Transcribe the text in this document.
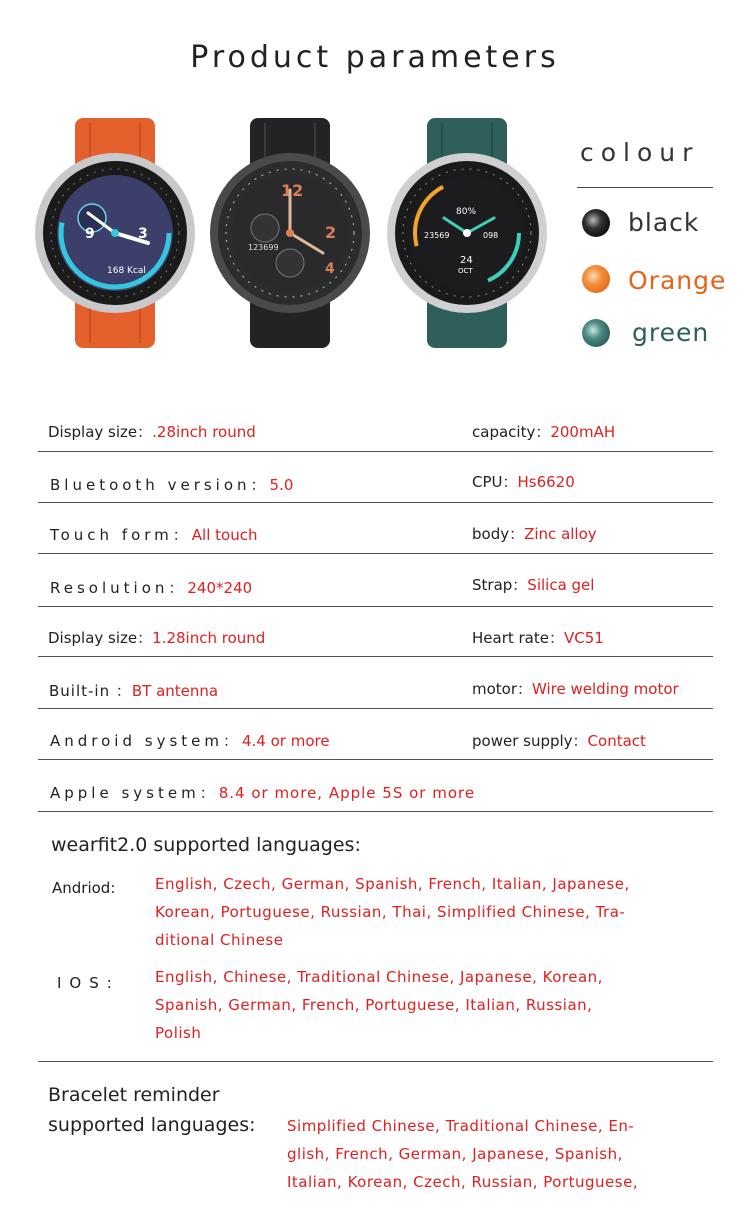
Product parameters
9	3
168 Kcal
12
2
4
123699
80%
098
24
OCT
23569
colour
black
Orange
green
Display size：.28inch round	capacity：200mAH
Bluetooth version：5.0	CPU：Hs6620
Touch form：All touch	body：Zinc alloy
Resolution：240*240	Strap：Silica gel
Display size：1.28inch round	Heart rate：VC51
Built-in ：BT antenna	motor：Wire welding motor
Android system：4.4 or more	power supply：Contact
Apple system：8.4 or more, Apple 5S or more
wearfit2.0 supported languages:
Andriod:	English, Czech, German, Spanish, French, Italian, Japanese,
Korean, Portuguese, Russian, Thai, Simplified Chinese, Tra-
ditional Chinese
IOS: English, Chinese, Traditional Chinese, Japanese, Korean,
Spanish, German, French, Portuguese, Italian, Russian,
Polish
Bracelet reminder
supported languages: Simplified Chinese, Traditional Chinese, En-
glish, French, German, Japanese, Spanish,
Italian, Korean, Czech, Russian, Portuguese,
